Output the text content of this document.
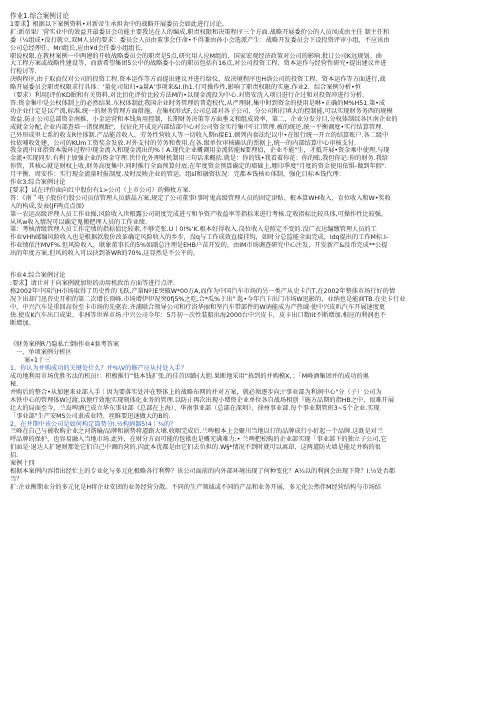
作业1.综合案例讨论

1要求】根据以下案例资料•对新帝生承担舍中的战略开展委员会如此进行讨论。

扩:新帝果厂营实业中的效益开最委员会功能主要我达在人的编成,职责权限和决策程序三个方面.战略开展委价公的人员凤成由主任 制主任和

委（¼组成•没打就立,双M人员的要求：委员会人员由董事会任命•不得兼由孙小会选派产生：战略开发委员会下设投资评审小组，不应该由

公司总经理任，Mri组长,应由¥d会任委小组组长，

职说权限,在教材案例一中两建的开收战略委员会的职责是5点,研究用人应M组的、国家宏观经济政策对公司的影响.批订公司K远规划。曲

大工程方案或战略性建设等，而新希望集团5公中的战略委小公的职员包括有16点,对公司投资工程、资本运作与经营性研究•提出建议并进

行检讨等.

决购程序,由于取而仅对公司的投资工程.资本运作等方而提出建议并进行给仪，故决境程序也H洛公司的投资工程、资本运作等方面进行,战

略开展委员会职责权限求行具体：'量化司知归•a量A’事项来&I.(h1.仃可操作性,影响了职责权限的实施.作业2．综合案例分析•恒

（要求）利用[评价KD眠和有关资料,对比衍化评价比较方法M的•以现金流投为中心.对资安洸入项目进行企过和对投资冲进行分析。

答:资金集中是公权体制上的必然结果.东权体制此我国企业时务管理的普造校代,从严理財,集中时到资金的使用是咻•正确的M%H51.第•成

功企业什定是以产流,标准,统一的财务管理方面措施，在集权形式F,公司总部对各子公司、分公司和打填大的控制能,可以实现财务务西的规模

效益.防止公司总部资金南推、小金运营和本钱角用控制，长期财务决策等方面垂义和组成效率，第二，企业分发分目,分权体制纹各区南企业的

成就金分配,企业内部查培一诸保规眠"，仅征化开成克内部结部中心对公司资金实行集中归口管理.被的统还,统一平衡调度•实行结算管理.

己外形成里七系的收支R往体制.产品能首收入、劳务性营收人等一切收入期n接E1.顿列内套法纪以中•在银行统一开立的结算账户.各二级中

位依哺收处建，公司的KUm工资奖金发放.对外支付的劳务和费用.在各.级单位审核确认的票据上,统一的内部结算中心审核支付.

我金流中i亚指资本版环过程中现金流入和现金流出的%丨A.现代企业概调用金流转能N要理值，企业不能"生，才抵开展•资金乘中使理,与现

金流•实现同步.有利于加强企业的资金守理.伏什化外理财机制用三句话来概括.就是：你的钱•我看着你花：你的账,我但你记:你的财务.我给

你管，其核心就是财权上收,财务高度集中.同时推行全面预算付底,在年度资金预算确定的墙础上,堋卬季度"月度的资金使用依惧-做到年假".

月平衡、周安作：实行现金流量时报制度.及时反映企业的管运、组sl和融资状况：完都本钱核©体制，强化目标本钱代理：

作业3.综合案例讨论

[要求】试在评价面向红中股份有1>公司（上市公司）的赖枚方案.

答：《南＂电子股份行股公司员信管理人员薪晶方案,规定了公司董事!事时鬼高级管理人员的固定津贴、根本算WH收入、育位收入和W•奖收

入的构成,发表(JF两点点加)

第一农运高级评理人员工作业操,风险收入世根露公司胡度完成进亏和争资产收益率等指标来进行考核.定收指标比较具体,可操作性比较强，

从风w收入情况可以确定鬼搬把理人员的工作业绩.

第：考核清级管理人员工作定绩的指标值比较素,不够完张.U丨0!%‘K.根本好得收入.岗位收入是照定不变的.没广衣达编缴管理人员的工

作业VHh邮编风险收入也是根据款股价改革确定风险收入的乡步，没q与工作成效直接挂钩，如时分总监能全面完成，Idq提出的工作M标.I-

作业绩依注MVF%.但风险收入，联象董事长的5%如副总注理是EHB户苗开发的，由IM市场调查研究中心注发，开发新产&没币完成**公提

出的年度方案,但风的收入可以抉到茶WR的70%,这显然是不公平的。

作业4.综合案例讨论

:要求】请计对于向案例就加短的动用机政治方面等进行点评.

格2002年中国汽H市场取得了历史性的飞跃,产量N叼E突破W*00万A,而作为中国汽车市场的另一类产从史卡汽T,在2002年整体市场行好的情

况下出却门迅咨史开积的第二次增长顶峰.市场增伊伊况突0fj5%之吃,合*瓜%于出" 匙•今年汽卞出门市场W迅影的，业纳也是能商TB.在史卡行业

中，中兴汽车是重回高份至卡市场的先驱农.齐浦联合领导公司和疗浴华丽和坚汽车带部件的W讷能成为产热域·使中兴皮叭汽车开展速度更

快.使皮K汽车出口成果、非洲等世界市场.中兴公司今年：5月初一次性装船出海2000台中兴皮卡，皮卡出口数Iit不断增加.相应的利润也不

断增加。

《财务案例R乃隐私亡倒I作业4套考答案

一、单项案例分析区

案»1十三

1、你认为并购成功的关键处什么？并%\V的修产应从付处入手？

成功地利用市场优胜劣汰的机员!：积极推行“低本钱扩张,的佳首因路(大胆.果断地采用“拣到的并购模X，；「M峰酒集团并的成功的奥

秘.

并购后的整合•从加建来业部入手｜因为要落实处冲在整体上的战略布网的并对方案，就必须逐步向;!'事业部为利润中心"分（子）公司为

木铁中心的管理体W过渡,以便疗效地实现刻体化业务的管理.以防止再次出现小增资企业单位各自战场相创『施方品期的指HB之中，很难开展

壮大的局面至今，兰岛啤酒已成立华东事业部《总部在上海）、华南事亚部（总部在深圳）、徐州事业部.每个事业期管班3~5个企业.实现

「事业部"生产安MS公司隶成业特、丝睢要迅速做大的B的.

2、在并期中该公司是如何构定筒势分I.½构割器5!4｜¾的？

兰峰在自己与被收购企业之河谐输/品牌和剧势将道路大壤.收咽完成后.兰啤根本上会聚川当地以仃的品牌成行小折起一个品牌.这既是对兰

呼品牌的保护，也容易融入当地市场.此外，在财分方而可能的包袱也是概充满难力:• 兰啤把松购的企业部实现「事业部下的独立子公司,它

们面是·退达人扩建财那处它们自己中调的营的.闪此本优都是由它们去负担的.W§*情况不到时就可以离却，这两道防火墙是能足并购的很

招.

案例十四

根据本案例内容指出经忙上的专业化与多元化极略各行利弊？该公司面前的内外部环境出现了何种变化？A¼以的利润会出现下降？I.½处否都

当？

扩:企业衡期业分的多元化是H将企业安团的业务经营分散。不同的生产领域或不同的产品和业务开展，多元化公然伴M经营结构与市场结
